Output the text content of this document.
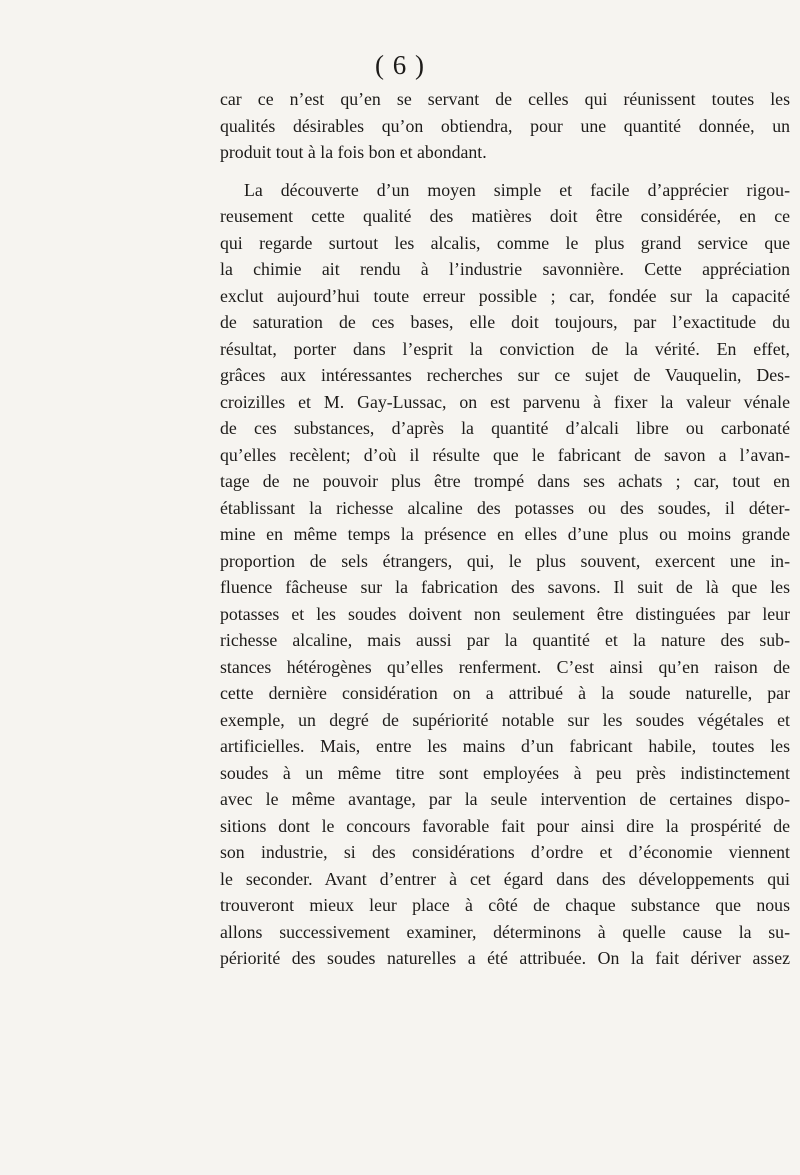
( 6 )
car ce n’est qu’en se servant de celles qui réunissent toutes les
qualités désirables qu’on obtiendra, pour une quantité donnée, un
produit tout à la fois bon et abondant.
La découverte d’un moyen simple et facile d’apprécier rigou-
reusement cette qualité des matières doit être considérée, en ce
qui regarde surtout les alcalis, comme le plus grand service que
la chimie ait rendu à l’industrie savonnière. Cette appréciation
exclut aujourd’hui toute erreur possible ; car, fondée sur la capacité
de saturation de ces bases, elle doit toujours, par l’exactitude du
résultat, porter dans l’esprit la conviction de la vérité. En effet,
grâces aux intéressantes recherches sur ce sujet de Vauquelin, Des-
croizilles et M. Gay-Lussac, on est parvenu à fixer la valeur vénale
de ces substances, d’après la quantité d’alcali libre ou carbonaté
qu’elles recèlent; d’où il résulte que le fabricant de savon a l’avan-
tage de ne pouvoir plus être trompé dans ses achats ; car, tout en
établissant la richesse alcaline des potasses ou des soudes, il déter-
mine en même temps la présence en elles d’une plus ou moins grande
proportion de sels étrangers, qui, le plus souvent, exercent une in-
fluence fâcheuse sur la fabrication des savons. Il suit de là que les
potasses et les soudes doivent non seulement être distinguées par leur
richesse alcaline, mais aussi par la quantité et la nature des sub-
stances hétérogènes qu’elles renferment. C’est ainsi qu’en raison de
cette dernière considération on a attribué à la soude naturelle, par
exemple, un degré de supériorité notable sur les soudes végétales et
artificielles. Mais, entre les mains d’un fabricant habile, toutes les
soudes à un même titre sont employées à peu près indistinctement
avec le même avantage, par la seule intervention de certaines dispo-
sitions dont le concours favorable fait pour ainsi dire la prospérité de
son industrie, si des considérations d’ordre et d’économie viennent
le seconder. Avant d’entrer à cet égard dans des développements qui
trouveront mieux leur place à côté de chaque substance que nous
allons successivement examiner, déterminons à quelle cause la su-
périorité des soudes naturelles a été attribuée. On la fait dériver assez
